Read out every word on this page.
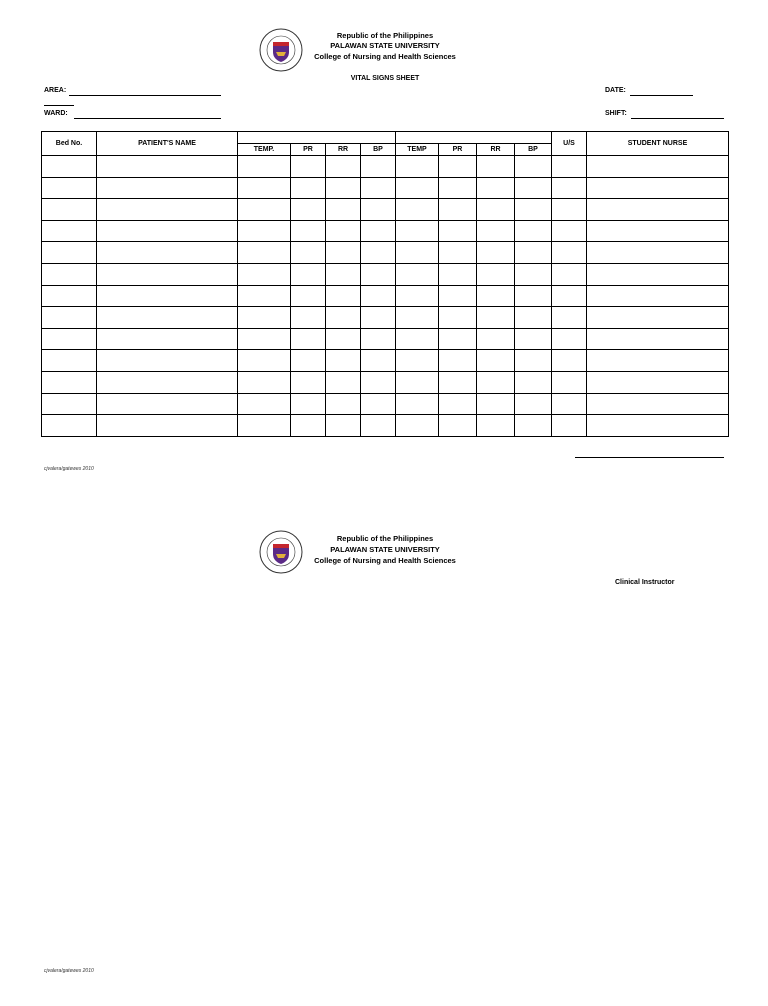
Republic of the Philippines
PALAWAN STATE UNIVERSITY
College of Nursing and Health Sciences
VITAL SIGNS SHEET
AREA:
WARD:
DATE:
SHIFT:
Bed No.	PATIENT'S NAME									U/S	STUDENT NURSE
		TEMP.	PR	RR	BP	TEMP	PR	RR	BP		

cjvalera/gatewes 2010
Republic of the Philippines
PALAWAN STATE UNIVERSITY
College of Nursing and Health Sciences
Clinical Instructor
cjvalera/gatewes 2010
